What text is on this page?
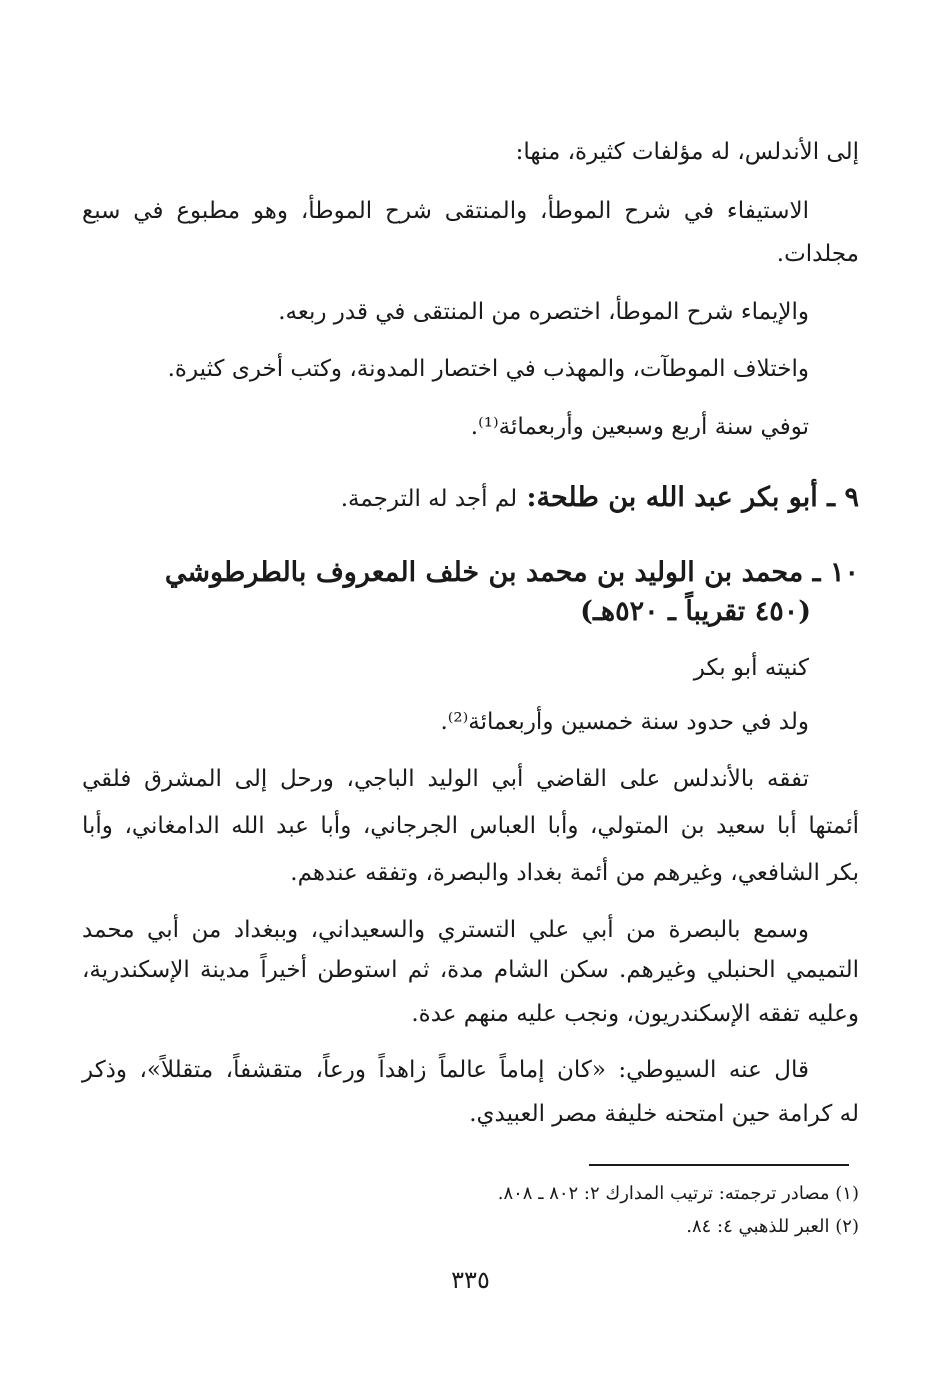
إلى الأندلس، له مؤلفات كثيرة، منها:
الاستيفاء في شرح الموطأ، والمنتقى شرح الموطأ، وهو مطبوع في سبع
مجلدات.
والإيماء شرح الموطأ، اختصره من المنتقى في قدر ربعه.
واختلاف الموطآت، والمهذب في اختصار المدونة، وكتب أخرى كثيرة.
توفي سنة أربع وسبعين وأربعمائة⁽¹⁾.
٩ ـ أبو بكر عبد الله بن طلحة: لم أجد له الترجمة.
١٠ ـ محمد بن الوليد بن محمد بن خلف المعروف بالطرطوشي
(٤٥٠ تقريباً ـ ٥٢٠هـ)
كنيته أبو بكر
ولد في حدود سنة خمسين وأربعمائة⁽²⁾.
تفقه بالأندلس على القاضي أبي الوليد الباجي، ورحل إلى المشرق فلقي
أئمتها أبا سعيد بن المتولي، وأبا العباس الجرجاني، وأبا عبد الله الدامغاني، وأبا
بكر الشافعي، وغيرهم من أئمة بغداد والبصرة، وتفقه عندهم.
وسمع بالبصرة من أبي علي التستري والسعيداني، وببغداد من أبي محمد
التميمي الحنبلي وغيرهم. سكن الشام مدة، ثم استوطن أخيراً مدينة الإسكندرية،
وعليه تفقه الإسكندريون، ونجب عليه منهم عدة.
قال عنه السيوطي: «كان إماماً عالماً زاهداً ورعاً، متقشفاً، متقللاً»، وذكر
له كرامة حين امتحنه خليفة مصر العبيدي.
(١) مصادر ترجمته: ترتيب المدارك ٢: ٨٠٢ ـ ٨٠٨.
(٢) العبر للذهبي ٤: ٨٤.
٣٣٥
